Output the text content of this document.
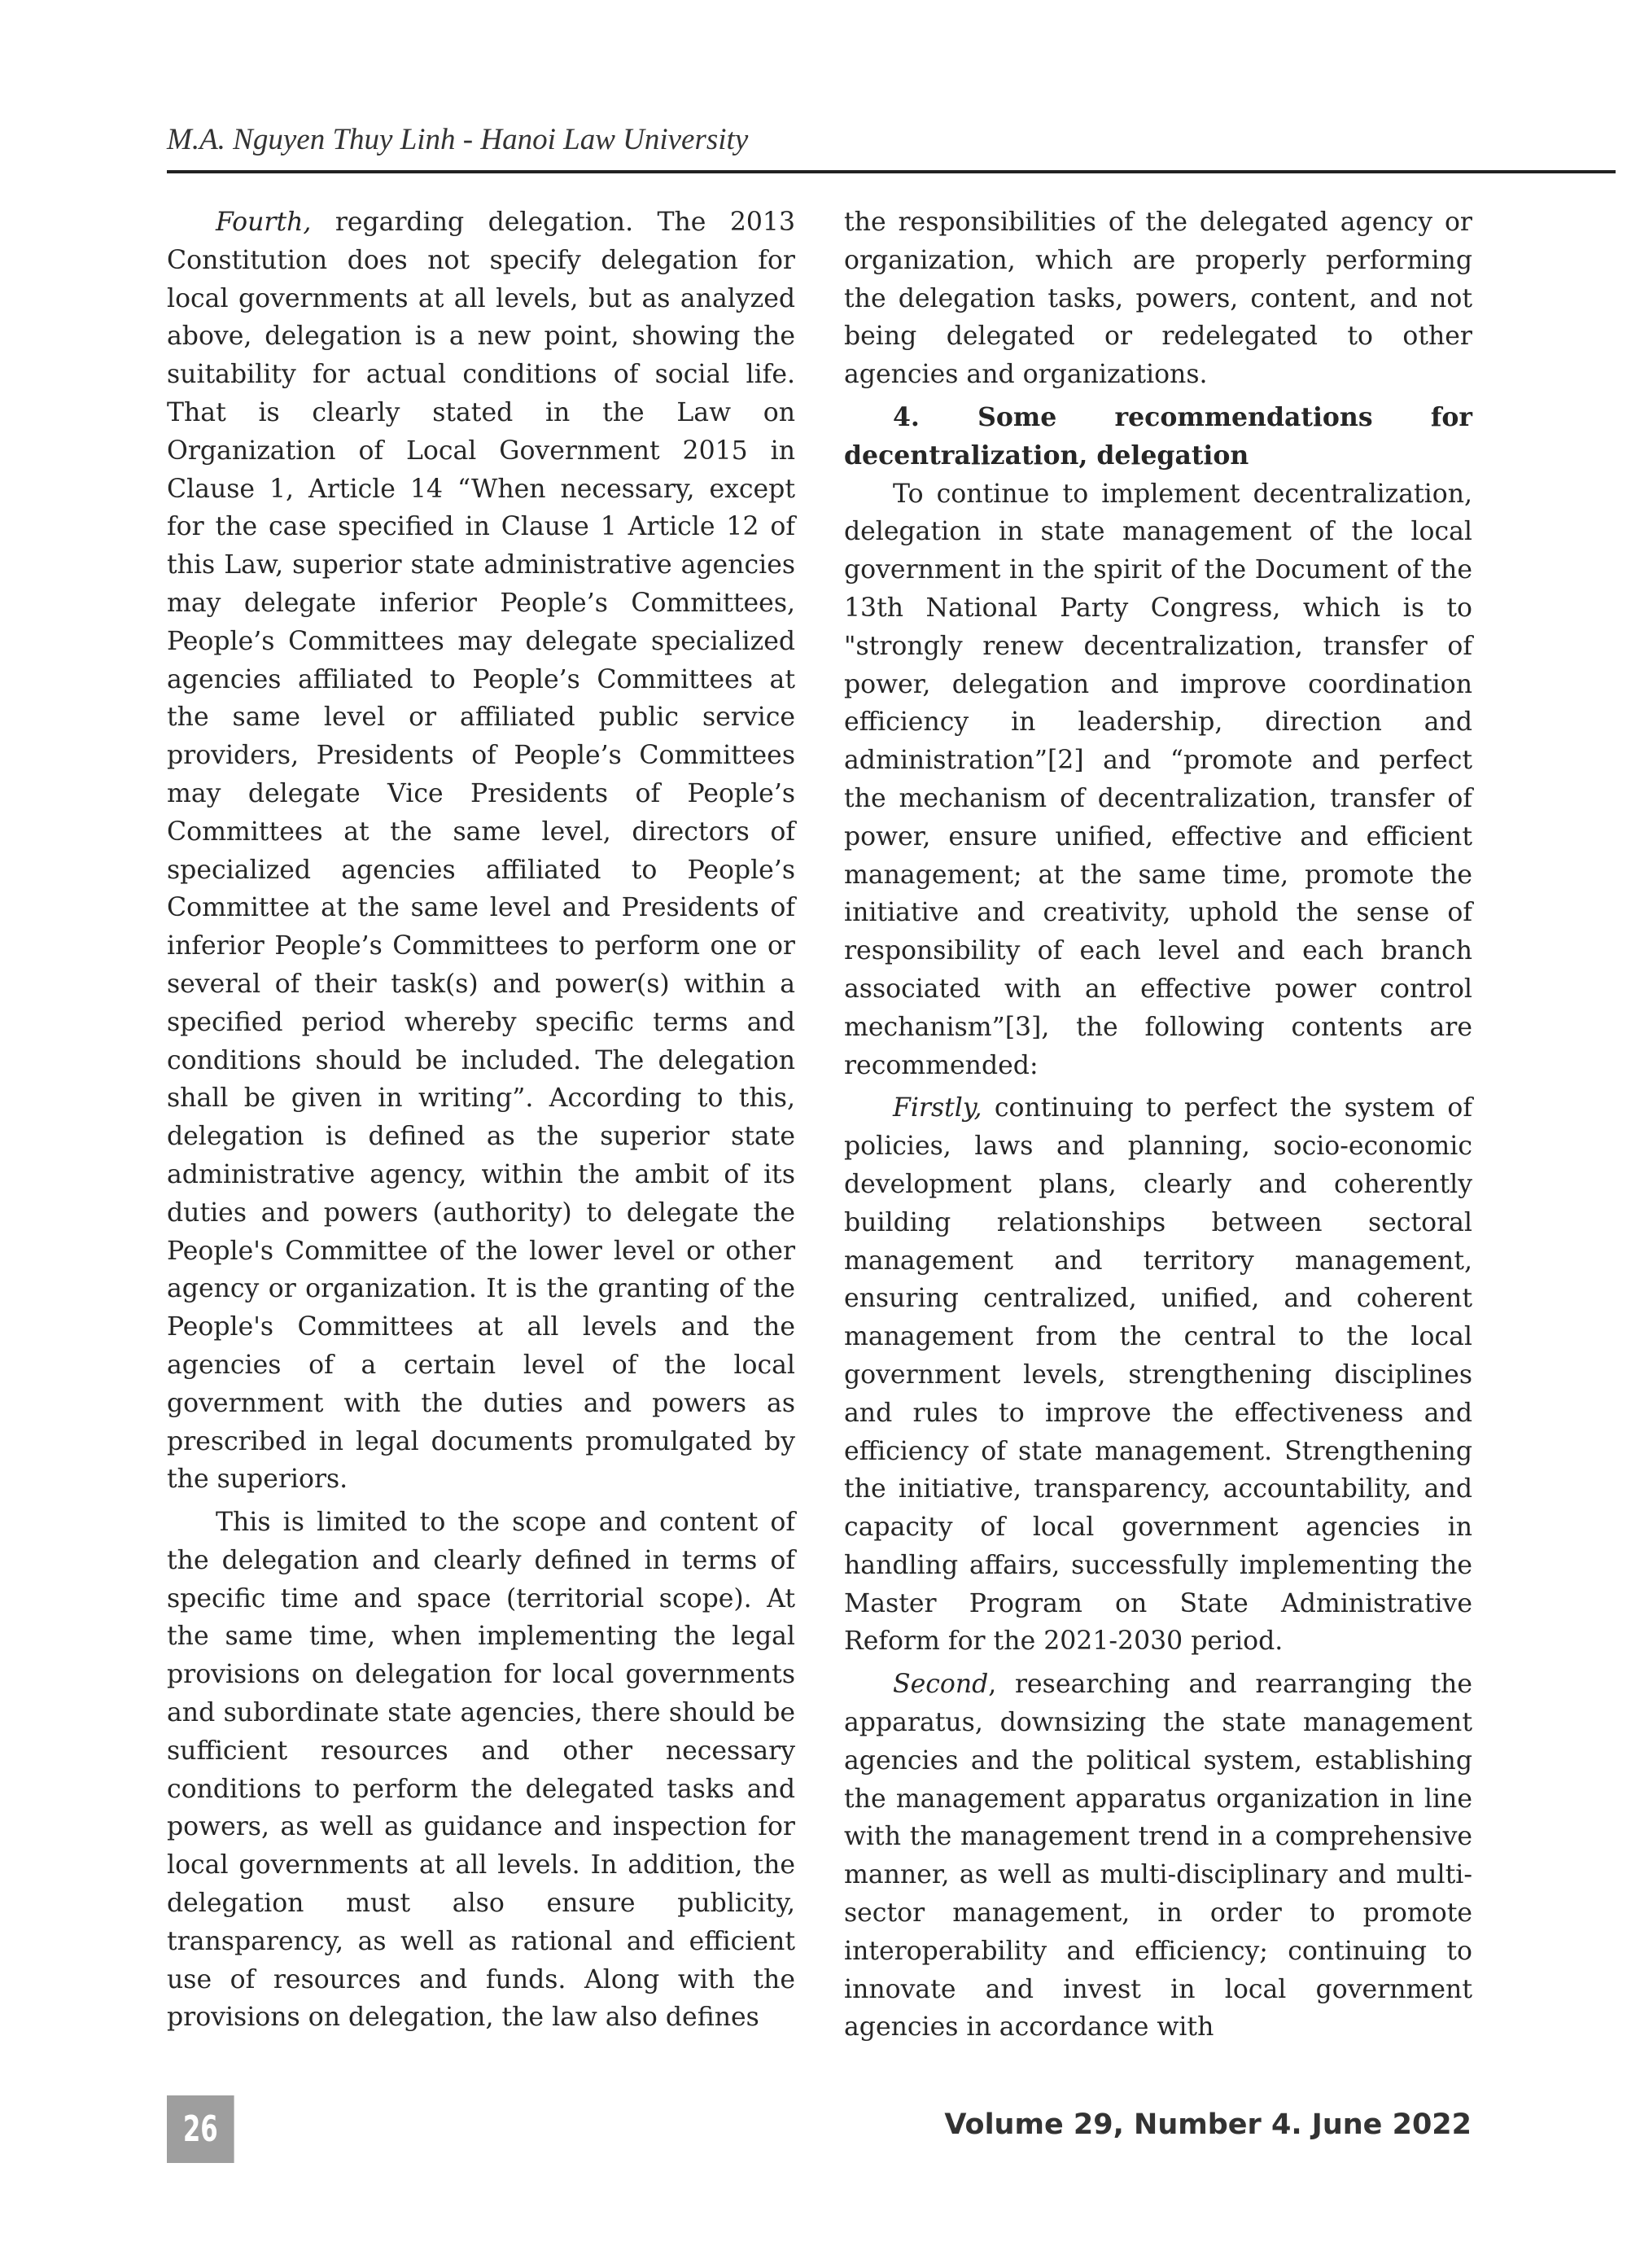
M.A. Nguyen Thuy Linh - Hanoi Law University

Fourth, regarding delegation. The 2013 Constitution does not specify delegation for local governments at all levels, but as analyzed above, delegation is a new point, showing the suitability for actual conditions of social life. That is clearly stated in the Law on Organization of Local Government 2015 in Clause 1, Article 14 “When necessary, except for the case specified in Clause 1 Article 12 of this Law, superior state administrative agencies may delegate inferior People’s Committees, People’s Committees may delegate specialized agencies affiliated to People’s Committees at the same level or affiliated public service providers, Presidents of People’s Committees may delegate Vice Presidents of People’s Committees at the same level, directors of specialized agencies affiliated to People’s Committee at the same level and Presidents of inferior People’s Committees to perform one or several of their task(s) and power(s) within a specified period whereby specific terms and conditions should be included. The delegation shall be given in writing”. According to this, delegation is defined as the superior state administrative agency, within the ambit of its duties and powers (authority) to delegate the People's Committee of the lower level or other agency or organization. It is the granting of the People's Committees at all levels and the agencies of a certain level of the local government with the duties and powers as prescribed in legal documents promulgated by the superiors.

This is limited to the scope and content of the delegation and clearly defined in terms of specific time and space (territorial scope). At the same time, when implementing the legal provisions on delegation for local governments and subordinate state agencies, there should be sufficient resources and other necessary conditions to perform the delegated tasks and powers, as well as guidance and inspection for local governments at all levels. In addition, the delegation must also ensure publicity, transparency, as well as rational and efficient use of resources and funds. Along with the provisions on delegation, the law also defines

the responsibilities of the delegated agency or organization, which are properly performing the delegation tasks, powers, content, and not being delegated or redelegated to other agencies and organizations.

4. Some recommendations for
decentralization, delegation

To continue to implement decentralization, delegation in state management of the local government in the spirit of the Document of the 13th National Party Congress, which is to "strongly renew decentralization, transfer of power, delegation and improve coordination efficiency in leadership, direction and administration”[2] and “promote and perfect the mechanism of decentralization, transfer of power, ensure unified, effective and efficient management; at the same time, promote the initiative and creativity, uphold the sense of responsibility of each level and each branch associated with an effective power control mechanism”[3], the following contents are recommended:

Firstly, continuing to perfect the system of policies, laws and planning, socio-economic development plans, clearly and coherently building relationships between sectoral management and territory management, ensuring centralized, unified, and coherent management from the central to the local government levels, strengthening disciplines and rules to improve the effectiveness and efficiency of state management. Strengthening the initiative, transparency, accountability, and capacity of local government agencies in handling affairs, successfully implementing the Master Program on State Administrative Reform for the 2021-2030 period.

Second, researching and rearranging the apparatus, downsizing the state management agencies and the political system, establishing the management apparatus organization in line with the management trend in a comprehensive manner, as well as multi-disciplinary and multi-sector management, in order to promote interoperability and efficiency; continuing to innovate and invest in local government agencies in accordance with

26	Volume 29, Number 4. June 2022
